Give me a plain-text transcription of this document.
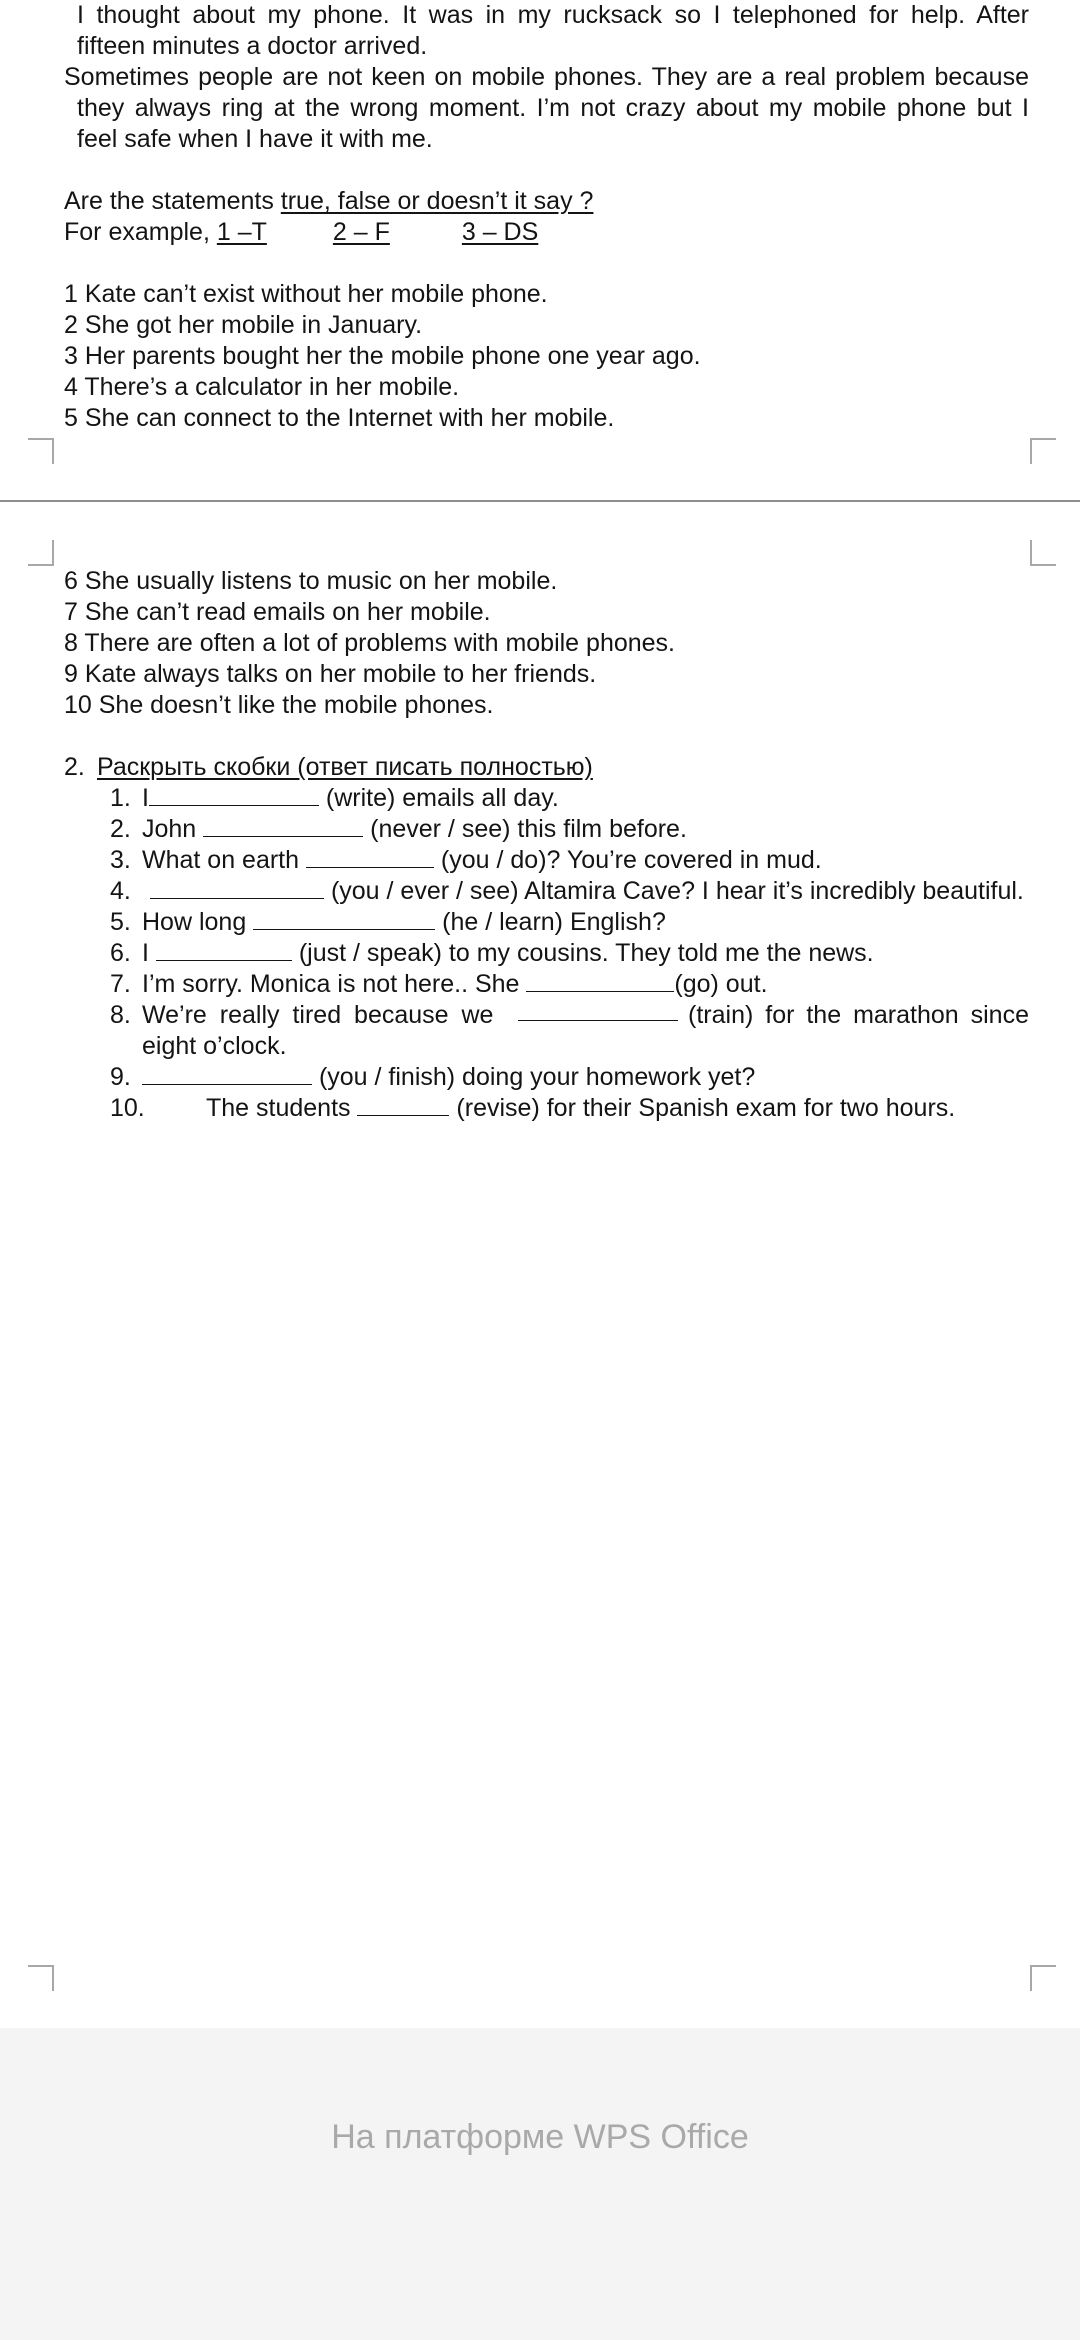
I thought about my phone. It was in my rucksack so I telephoned for help. After
fifteen minutes a doctor arrived.
Sometimes people are not keen on mobile phones. They are a real problem because
they always ring at the wrong moment. I’m not crazy about my mobile phone but I
feel safe when I have it with me.
Are the statements true, false or doesn’t it say ?
For example, 1 –T	2 – F	3 – DS
1 Kate can’t exist without her mobile phone.
2 She got her mobile in January.
3 Her parents bought her the mobile phone one year ago.
4 There’s a calculator in her mobile.
5 She can connect to the Internet with her mobile.
6 She usually listens to music on her mobile.
7 She can’t read emails on her mobile.
8 There are often a lot of problems with mobile phones.
9 Kate always talks on her mobile to her friends.
10 She doesn’t like the mobile phones.
2. Раскрыть скобки (ответ писать полностью)
1. I	(write) emails all day.
2. John	(never / see) this film before.
3. What on earth	(you / do)? You’re covered in mud.
4.	(you / ever / see) Altamira Cave? I hear it’s incredibly beautiful.
5. How long	(he / learn) English?
6. I	(just / speak) to my cousins. They told me the news.
7. I’m sorry. Monica is not here.. She	(go) out.
8. We’re really tired because we	(train) for the marathon since
eight o’clock.
9.	(you / finish) doing your homework yet?
10. The students	(revise) for their Spanish exam for two hours.
На платформе WPS Office
